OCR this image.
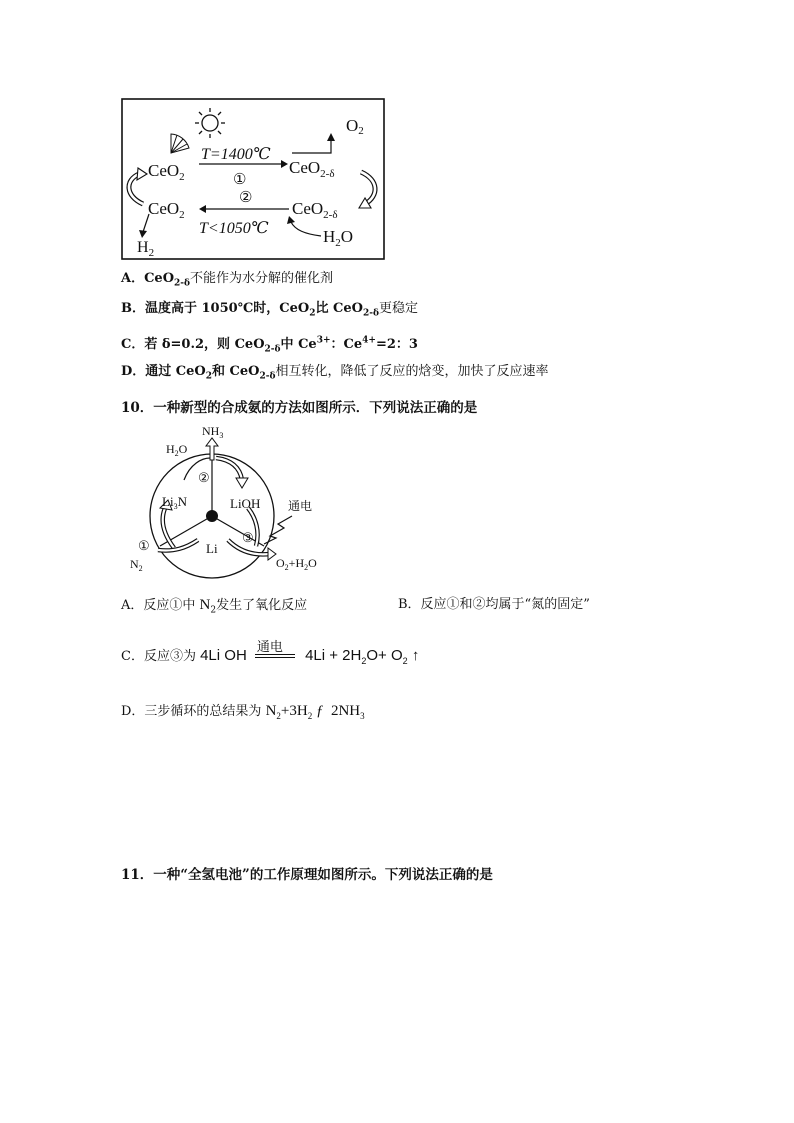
CeO$_2$
T=1400℃
①
CeO$_{2-\delta}$
O2
②
CeO$_2$	CeO$_{2-\delta}$
T<1050℃
$H_2$
$H_2O$
A．CeO$_{2-\delta}$不能作为水分解的催化剂
B．温度高于 1050℃时，CeO$_2$比 CeO$_{2-\delta}$更稳定
C．若 δ=0.2，则 CeO$_{2-\delta}$中 $Ce^{3+}$：$Ce^{4+}=2$：3
D．通过 CeO$_2$和 CeO$_{2-\delta}$相互转化，降低了反应的焓变，加快了反应速率
10．一种新型的合成氨的方法如图所示．下列说法正确的是
$NH_3$
$H_2O$
②
$Li_3N$	LiOH 通电
①
$N_2$
Li
③
$O_2+H_2O$
A．反应①中 $N_2$发生了氧化反应	B．反应①和②均属于“氮的固定”
C．反应③为 4Li OH
通电
$4Li + 2H_2O+ O_2$ ↑
D．三步循环的总结果为 $N_2+3H_2$ ƒ $2NH_3$
11．一种“全氢电池”的工作原理如图所示。下列说法正确的是
